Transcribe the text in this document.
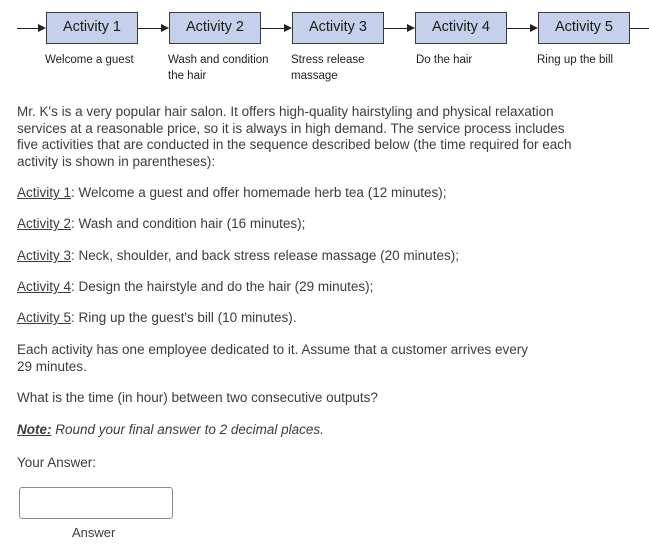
Activity 1	Activity 2	Activity 3	Activity 4	Activity 5
Welcome a guest	Wash and condition the hair
Stress release massage
Do the hair	Ring up the bill
Mr. K's is a very popular hair salon. It offers high-quality hairstyling and physical relaxation services at a reasonable price, so it is always in high demand. The service process includes five activities that are conducted in the sequence described below (the time required for each activity is shown in parentheses):
Activity 1: Welcome a guest and offer homemade herb tea (12 minutes);
Activity 2: Wash and condition hair (16 minutes);
Activity 3: Neck, shoulder, and back stress release massage (20 minutes);
Activity 4: Design the hairstyle and do the hair (29 minutes);
Activity 5: Ring up the guest's bill (10 minutes).
Each activity has one employee dedicated to it. Assume that a customer arrives every 29 minutes.
What is the time (in hour) between two consecutive outputs?
Note: Round your final answer to 2 decimal places.
Your Answer:
Answer
